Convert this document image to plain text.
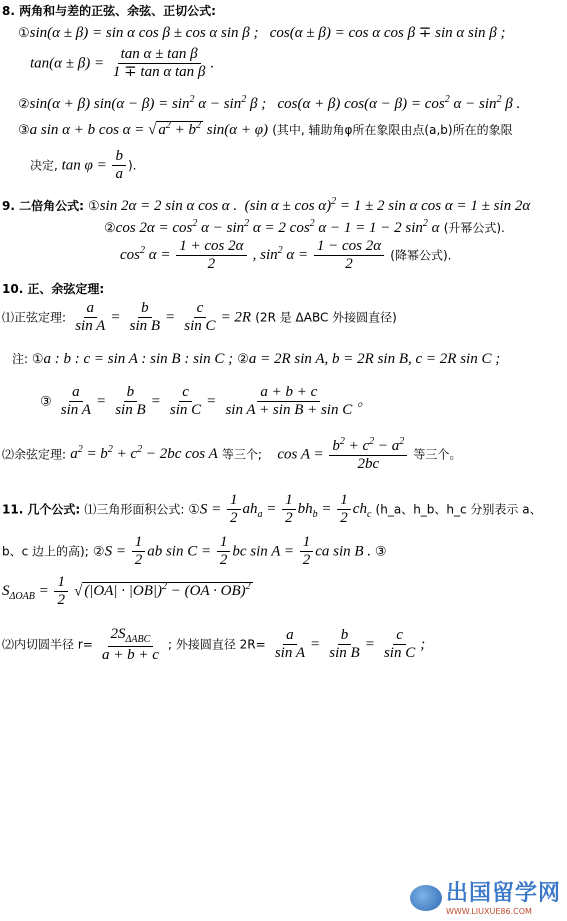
8. 两角和与差的正弦、余弦、正切公式:
①sin(α ± β) = sin α cos β ± cos α sin β ;   cos(α ± β) = cos α cos β ∓ sin α sin β ;
$\tan(\alpha \pm \beta) = \frac{\text{tan α ± tan β}}{\text{1 ∓ tan α tan β}}$ .
②sin(α + β) $\sin(\alpha - \beta) = \sin^2 \alpha - \sin^2 \beta$ ;   cos(α + β) $\cos(\alpha - \beta) = \cos^2 \alpha - \sin^2 \beta$ .
③a sin α + b cos α = √ $a^2 + b^2$ sin(α + φ) (其中, 辅助角φ所在象限由点(a,b)所在的象限
决定, $\tan \varphi = \frac{b}{a}$ ).
9. 二倍角公式: ①sin 2α = 2 sin α cos α .  (sin α ± cos α)$^2$ = 1 ± 2 sin α cos α = 1 ± sin 2α
②cos $2\alpha = \cos^2 \alpha - \sin^2 \alpha = 2$ $\cos^2 \alpha - 1 = 1 - 2$ $\sin^2 \alpha$ (升幂公式).
$\cos^2 \alpha = \frac{1 + \cos 2\alpha}{2}$ , $\sin^2 \alpha = \frac{1 - \cos 2\alpha}{2}$ (降幂公式).
10. 正、余弦定理:
⑴正弦定理: $\frac{a}{\text{sin A}} = \frac{b}{\text{sin B}} = \frac{c}{\text{sin C}} = 2R$ (2R 是 ΔABC 外接圆直径)
注: ①a : b : c = sin A : sin B : sin C ; ②a = 2R sin A, b = 2R sin B, c = 2R sin C ;
③ $\frac{a}{\text{sin A}} = \frac{b}{\text{sin B}} = \frac{c}{\text{sin C}} = \frac{a + b + c}{\text{sin A + sin B + sin C}}$ 。
⑵余弦定理: $a^2 = b^2 + c^2 - 2bc$ cos A 等三个;    $\cos A = \frac{b^2 + c^2 - a^2}{2bc}$ 等三个。
11. 几个公式: ⑴三角形面积公式: ①S = $\frac{1}{2} ah_a = \frac{1}{2} bh_b = \frac{1}{2} ch_c$ (h_a、h_b、h_c 分别表示 a、
b、c 边上的高); ②S = $\frac{1}{2}$ ab $\sin C = \frac{1}{2}$ bc $\sin A = \frac{1}{2}$ ca sin B . ③
$S_{\Delta OAB} = \frac{1}{2}$ √ $(|OA| \cdot |OB|)^2 - (OA \cdot OB)^2$
⑵内切圆半径 r=
$2S_{\Delta ABC}$
a + b + c
; 外接圆直径 $2R= \frac{a}{\text{sin A}} = \frac{b}{\text{sin B}} = \frac{c}{\text{sin C}}$ ;
出国留学网
WWW.LIUXUE86.COM
